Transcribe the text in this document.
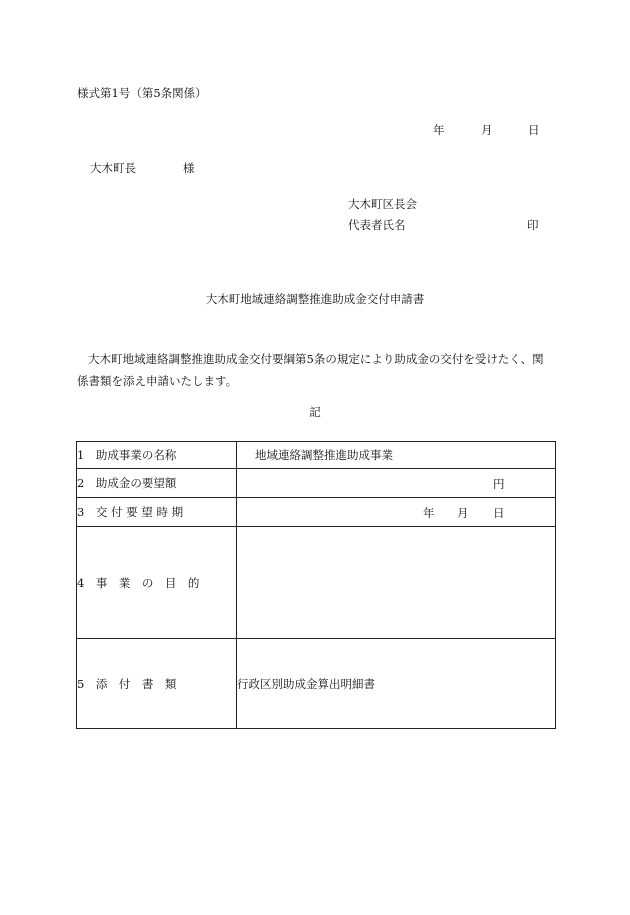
様式第1号（第5条関係）
年	月	日
大木町長	様
大木町区長会
代表者氏名	印
大木町地域連絡調整推進助成金交付申請書
大木町地域連絡調整推進助成金交付要綱第5条の規定により助成金の交付を受けたく、関係書類を添え申請いたします。
記
1　助成事業の名称	地域連絡調整推進助成事業
2　助成金の要望額	円

3　交 付 要 望 時 期	年 月 日

4　事　業　の　目　的	
5　添　付　書　類	行政区別助成金算出明細書
